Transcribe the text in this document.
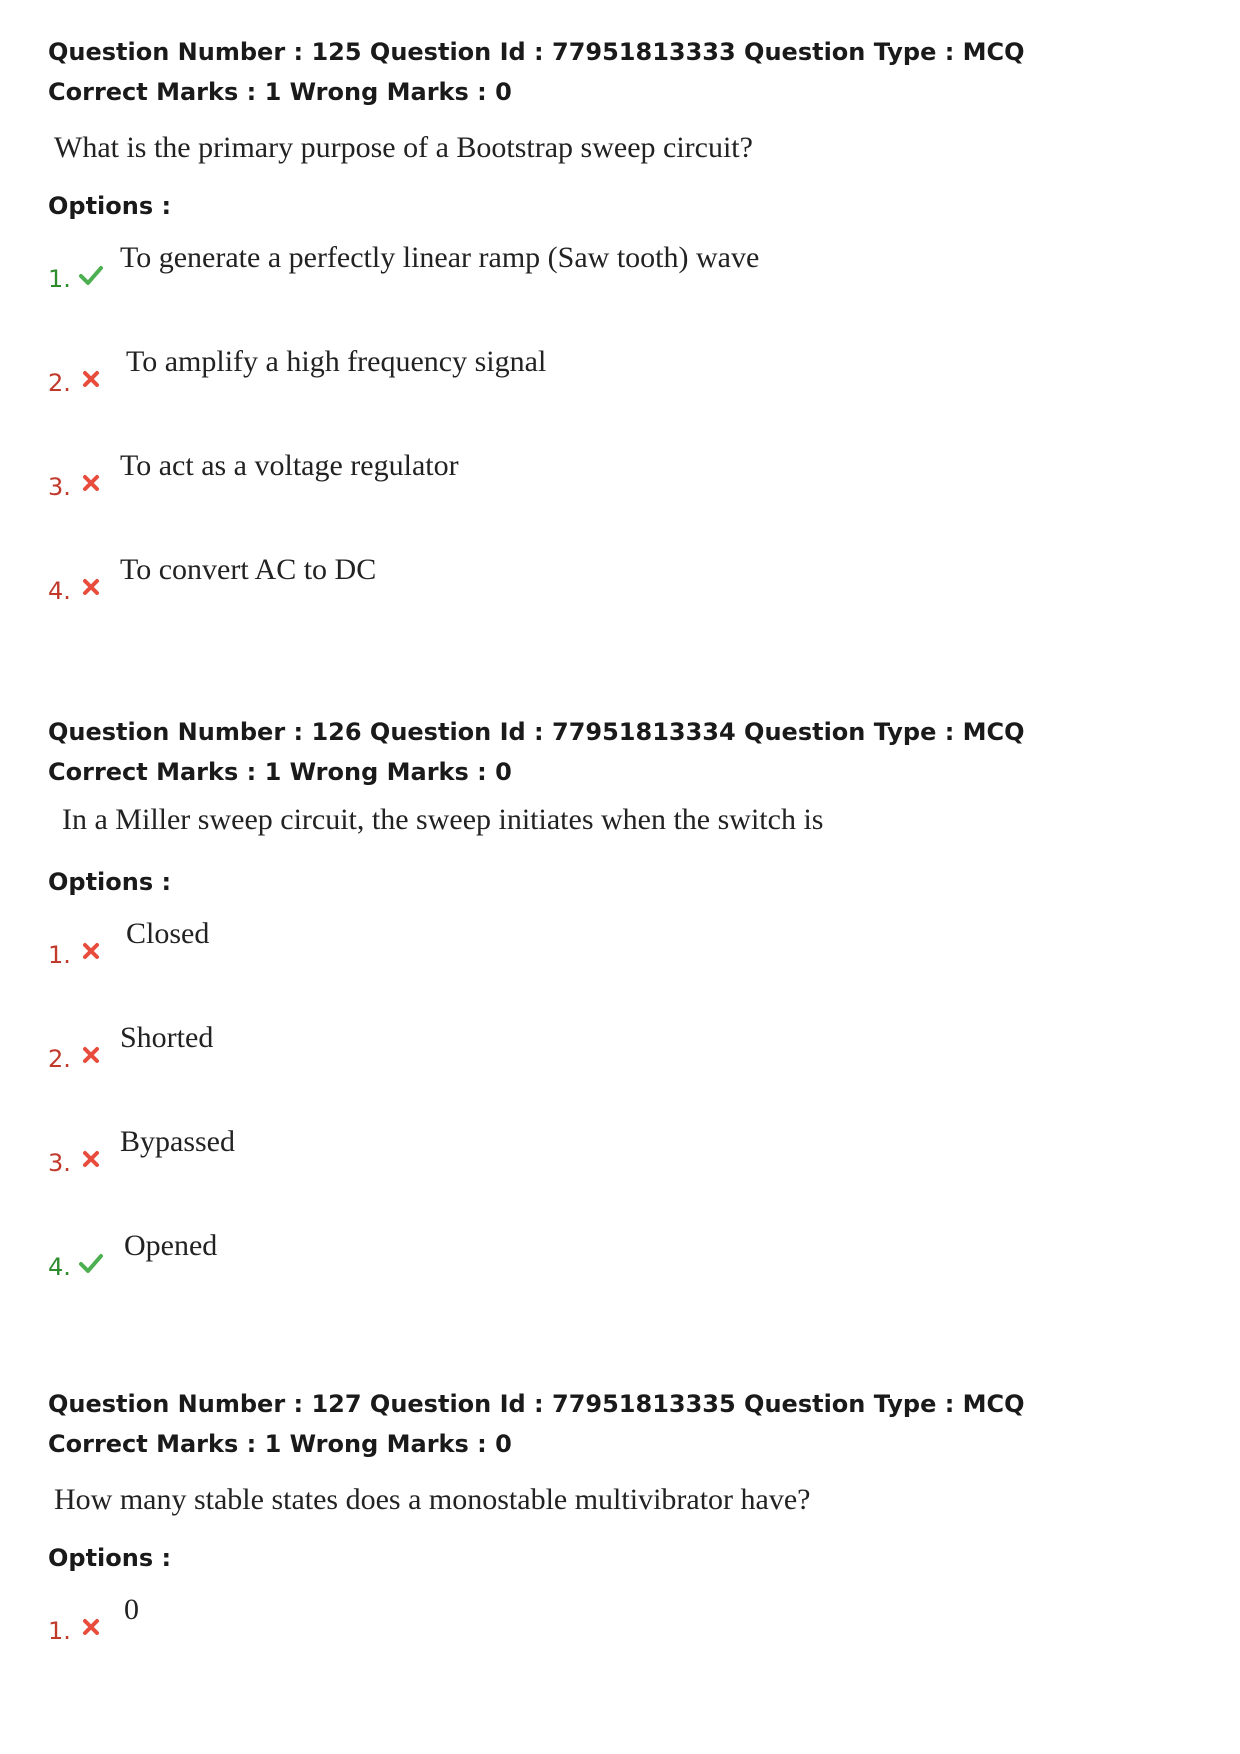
Question Number : 125 Question Id : 77951813333 Question Type : MCQ
Correct Marks : 1 Wrong Marks : 0
What is the primary purpose of a Bootstrap sweep circuit?
Options :
1.
To generate a perfectly linear ramp (Saw tooth) wave
2.
To amplify a high frequency signal
3.
To act as a voltage regulator
4.
To convert AC to DC
Question Number : 126 Question Id : 77951813334 Question Type : MCQ
Correct Marks : 1 Wrong Marks : 0
In a Miller sweep circuit, the sweep initiates when the switch is
Options :
1.
Closed
2.
Shorted
3.
Bypassed
4.
Opened
Question Number : 127 Question Id : 77951813335 Question Type : MCQ
Correct Marks : 1 Wrong Marks : 0
How many stable states does a monostable multivibrator have?
Options :
1.
0
